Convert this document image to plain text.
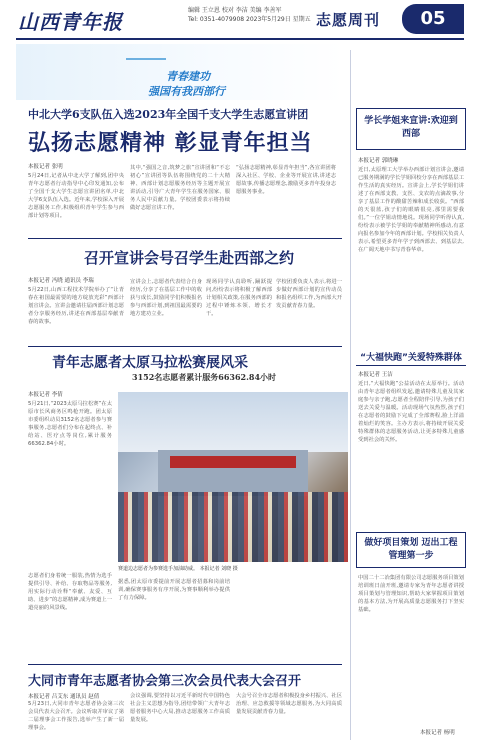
山西青年报	编辑 王立恩 校对 李洁 美编 李善军
Tel: 0351-4079908 2023年5月29日 星期五 志愿周刊	05
青春建功
强国有我西部行
中北大学6支队伍入选2023年全国千支大学生志愿宣讲团
弘扬志愿精神 彰显青年担当
本报记者 张明
5月24日,记者从中北大学了解到,团中央青年志愿者行动指导中心印发通知,公布了全国千支大学生志愿宣讲团名单,中北大学6支队伍入选。近年来,学校深入开展志愿服务工作,积极组织青年学生参与西部计划等项目。
其中,“强国之音,筑梦之旅”宣讲团和“不忘初心”宣讲团等队伍将围绕党的二十大精神、西部计划志愿服务经历等主题开展宣讲活动,引导广大青年学生在服务国家、服务人民中贡献力量。学校团委表示将持续做好志愿宣讲工作。
“弘扬志愿精神,彰显青年担当”,各宣讲团将深入社区、学校、企业等开展宣讲,讲述志愿故事,传播志愿理念,激励更多青年投身志愿服务事业。
召开宣讲会号召学生赴西部之约
本报记者 冯晓 通讯员 李瑞
5月22日,山西工程技术学院举办了“让青春在祖国最需要的地方绽放光彩”西部计划宣讲会。宣讲会邀请往届西部计划志愿者分享服务经历,讲述在西部基层奉献青春的故事。
宣讲会上,志愿者代表结合自身经历,分享了在基层工作中的收获与成长,鼓励同学们积极报名参与西部计划,到祖国最需要的地方建功立业。
现场同学认真聆听,踊跃提问,纷纷表示将积极了解西部计划相关政策,在服务西部的过程中锤炼本领、增长才干。
学校团委负责人表示,将进一步做好西部计划的宣传动员和报名组织工作,为西部大开发贡献青春力量。
青年志愿者太原马拉松赛展风采
3152名志愿者累计服务66362.84小时
本报记者 李倩
5月21日,“2023太原马拉松赛”在太原市长风商务区鸣枪开跑。团太原市委组织动员3152名志愿者参与赛事服务,志愿者们分布在起终点、补给站、医疗点等岗位,累计服务66362.84小时。
志愿者们身着统一服装,热情为选手提供引导、补给、存取物品等服务,用实际行动诠释“奉献、友爱、互助、进步”的志愿精神,成为赛道上一道亮丽的风景线。
赛道边志愿者为参赛选手加油助威。 本报记者 刘晓 摄
据悉,团太原市委提前开展志愿者招募和岗前培训,确保赛事服务有序开展,为赛事顺利举办提供了有力保障。
大同市青年志愿者协会第三次会员代表大会召开
本报记者 吕艾东 通讯员 赵倩
5月23日,大同市青年志愿者协会第三次会员代表大会召开。会议听取并审议了第二届理事会工作报告,选举产生了新一届理事会。
会议强调,要坚持以习近平新时代中国特色社会主义思想为指导,团结带领广大青年志愿者服务中心大局,推动志愿服务工作高质量发展。
大会号召全市志愿者积极投身乡村振兴、社区治理、应急救援等领域志愿服务,为大同高质量发展贡献青春力量。
学长学姐来宣讲:欢迎到西部
本报记者 郭晓琳
近日,太原理工大学举办西部计划宣讲会,邀请已服务期满的学长学姐回校分享在西部基层工作生活的真实经历。宣讲会上,学长学姐们讲述了在西部支教、支医、支农的点滴故事,分享了基层工作的酸甜苦辣和成长收获。“西部的天很蓝,孩子们的眼睛很亮,那里需要我们。”一位学姐动情地说。现场同学听得认真,纷纷表示被学长学姐的奉献精神所感动,有意向报名参加今年的西部计划。学校相关负责人表示,希望更多青年学子到西部去、到基层去,在广阔天地中书写青春华章。
“大福快跑”关爱特殊群体
本报记者 王洁
近日,“大福快跑”公益活动在太原举行。活动由青年志愿者组织发起,邀请特殊儿童及其家庭参与亲子跑,志愿者全程陪伴引导,为孩子们送去关爱与温暖。活动现场气氛热烈,孩子们在志愿者的鼓励下完成了全部赛程,脸上洋溢着灿烂的笑容。主办方表示,将持续开展关爱特殊群体的志愿服务活动,让更多特殊儿童感受到社会的关怀。
做好项目策划 迈出工程管理第一步
中国二十二冶集团有限公司志愿服务项目策划培训班日前开班,邀请专家为青年志愿者讲授项目策划与管理知识,帮助大家掌握项目策划的基本方法,为开展高质量志愿服务打下坚实基础。
本报记者 杨明
